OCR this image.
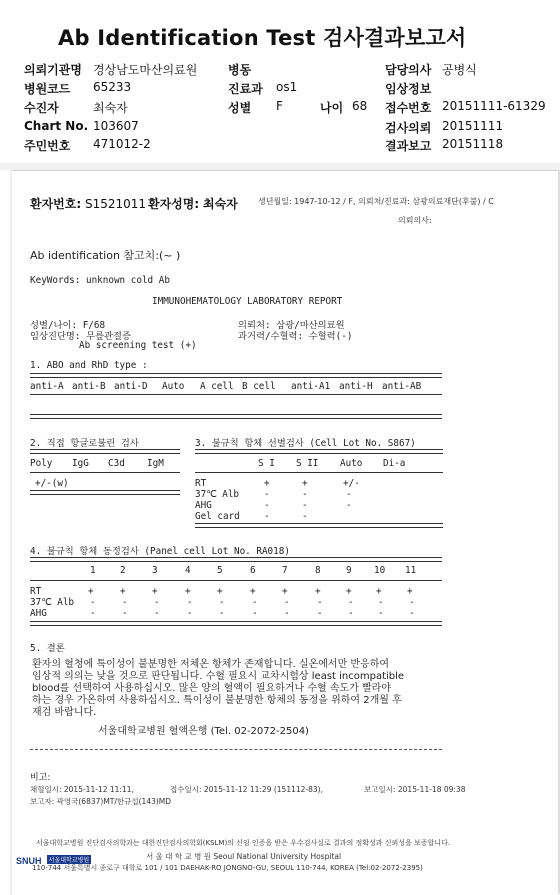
Ab Identification Test 검사결과보고서
의뢰기관명 경상남도마산의료원
병원코드 65233
수진자	최숙자
Chart No. 103607
주민번호 471012-2
병동
진료과 os1
성별 F	나이 68
담당의사 공병식
임상정보
접수번호 20151111-61329
검사의뢰 20151111
결과보고 20151118
환자번호: S1521011 환자성명: 최숙자	생년월일: 1947-10-12 / F, 의뢰처/진료과: 삼광의료재단(후불) / C
의뢰의사:
Ab identification 참고치:(~ )
KeyWords: unknown cold Ab
IMMUNOHEMATOLOGY LABORATORY REPORT
성별/나이: F/68
임상진단명: 무릎관절증
Ab screening test (+)
의뢰처: 삼광/마산의료원
과거력/수혈력: 수혈력(-)
1. ABO and RhD type :
anti-A anti-B anti-D Auto A cell B cell anti-A1 anti-H anti-AB
2. 직접 항글로불린 검사	3. 불규칙 항체 선별검사 (Cell Lot No. S867)
Poly IgG C3d IgM	S I S II Auto Di-a
+/-(w)	RT	+	+	+/-
37℃ Alb	-	-	-
AHG	-	-	-
Gel card	-	-
4. 불규칙 항체 동정검사 (Panel cell Lot No. RA018)
1	2	3	4	5	6	7	8	9 10 11
RT	+	+	+	+	+	+	+	+	+	+	+
37℃ Alb -	-	-	-	-	-	-	-	-	-	-
AHG	-	-	-	-	-	-	-	-	-	-	-
5. 결론
환자의 혈청에 특이성이 불분명한 저체온 항체가 존재합니다. 실온에서만 반응하여
임상적 의의는 낮을 것으로 판단됩니다. 수혈 필요시 교차시험상 least incompatible
blood를 선택하여 사용하십시오. 많은 양의 혈액이 필요하거나 수혈 속도가 빨라야
하는 경우 가온하여 사용하십시오. 특이성이 불분명한 항체의 동정을 위하여 2개월 후
재검 바랍니다.
서울대학교병원 혈액은행 (Tel. 02-2072-2504)
비고:
채혈일시: 2015-11-12 11:11,	접수일시: 2015-11-12 11:29 (151112-83),	보고일시: 2015-11-18 09:38
보고자: 곽영국(6837)MT/한규섭(143)MD
서울대학교병원 진단검사의학과는 대한진단검사의학회(KSLM)의 신임 인증을 받은 우수검사실로 결과의 정확성과 신뢰성을 보증합니다.
SNUH 서울대학교병원	서 울 대 학 교 병 원 Seoul National University Hospital
110-744 서울특별시 종로구 대학로 101 / 101 DAEHAK-RO JONGNO-GU, SEOUL 110-744, KOREA (Tel:02-2072-2395)
